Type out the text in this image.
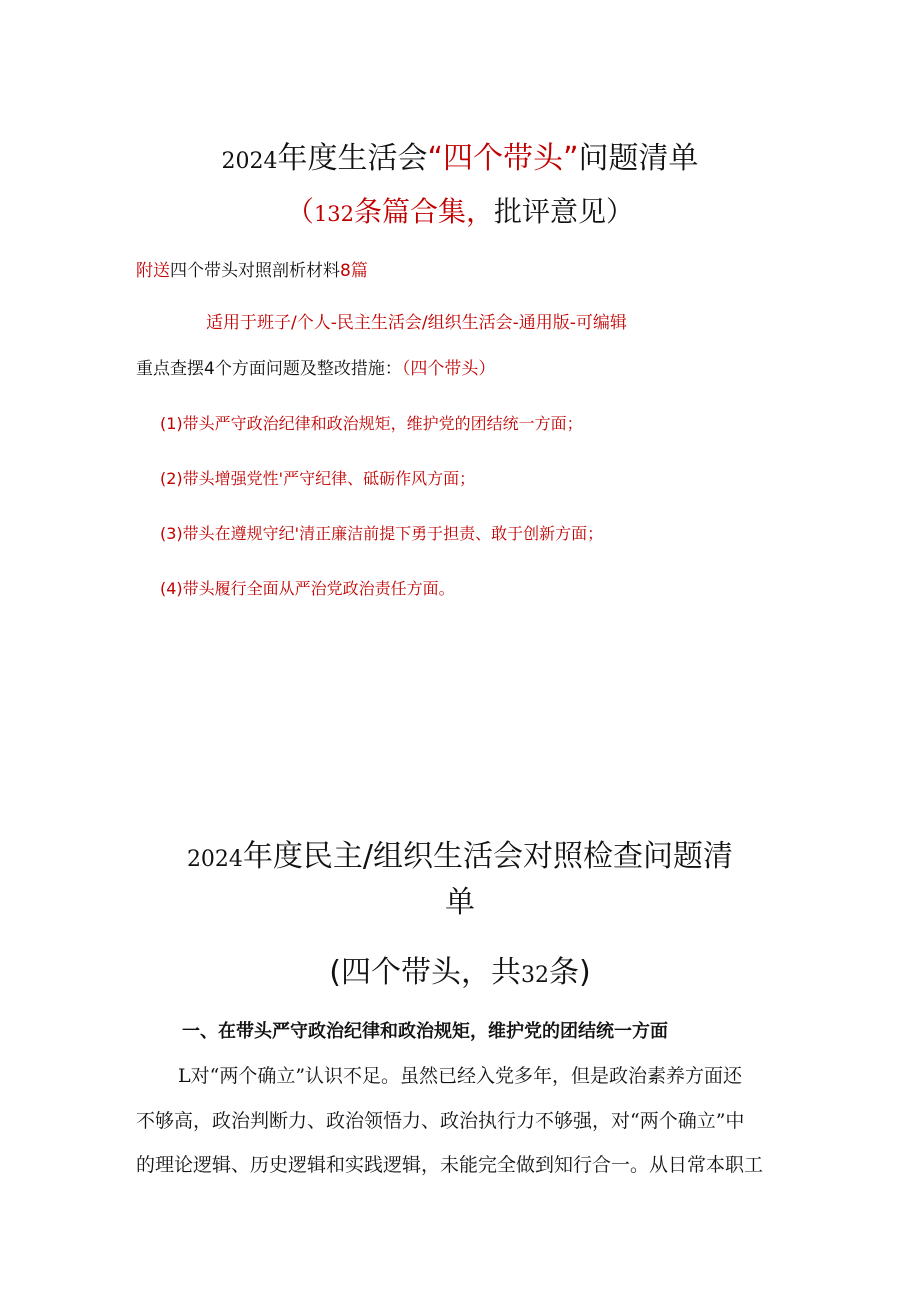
2024年度生活会“四个带头”问题清单
（132条篇合集，批评意见）
附送四个带头对照剖析材料8篇
适用于班子/个人-民主生活会/组织生活会-通用版-可编辑
重点查摆4个方面问题及整改措施：（四个带头）
(1)带头严守政治纪律和政治规矩，维护党的团结统一方面；
(2)带头增强党性'严守纪律、砥砺作风方面；
(3)带头在遵规守纪'清正廉洁前提下勇于担责、敢于创新方面；
(4)带头履行全面从严治党政治责任方面。
2024年度民主/组织生活会对照检查问题清
单
(四个带头，共32条)
一、在带头严守政治纪律和政治规矩，维护党的团结统一方面
L对“两个确立”认识不足。虽然已经入党多年，但是政治素养方面还
不够高，政治判断力、政治领悟力、政治执行力不够强，对“两个确立”中
的理论逻辑、历史逻辑和实践逻辑，未能完全做到知行合一。从日常本职工
